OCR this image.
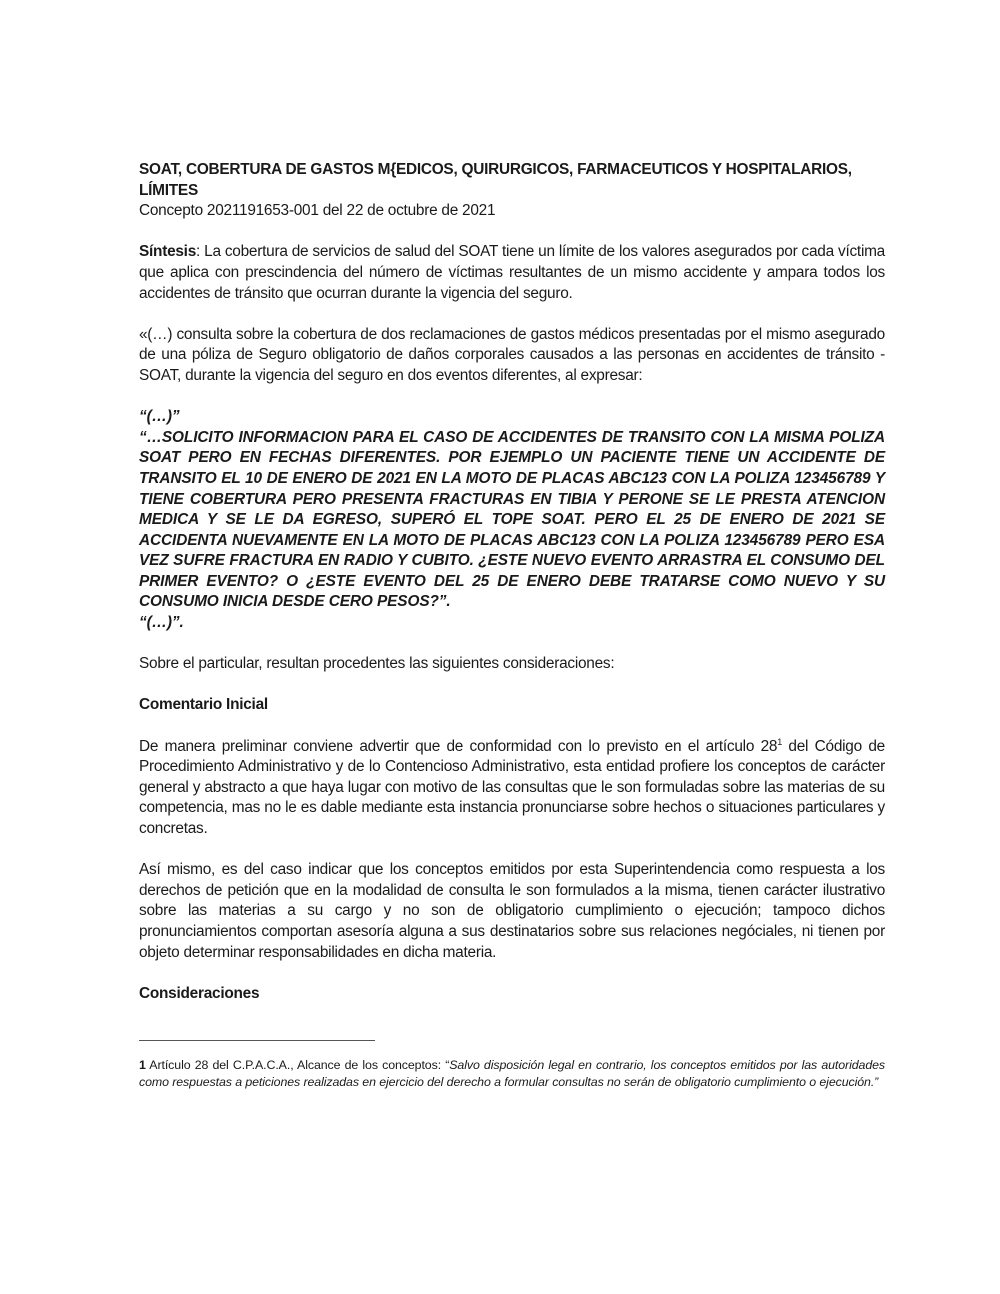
SOAT, COBERTURA DE GASTOS M{EDICOS, QUIRURGICOS, FARMACEUTICOS Y HOSPITALARIOS, LÍMITES

Concepto 2021191653-001 del 22 de octubre de 2021

Síntesis: La cobertura de servicios de salud del SOAT tiene un límite de los valores asegurados por cada víctima que aplica con prescindencia del número de víctimas resultantes de un mismo accidente y ampara todos los accidentes de tránsito que ocurran durante la vigencia del seguro.

«(…) consulta sobre la cobertura de dos reclamaciones de gastos médicos presentadas por el mismo asegurado de una póliza de Seguro obligatorio de daños corporales causados a las personas en accidentes de tránsito - SOAT, durante la vigencia del seguro en dos eventos diferentes, al expresar:

“(…)”

“…SOLICITO INFORMACION PARA EL CASO DE ACCIDENTES DE TRANSITO CON LA MISMA POLIZA SOAT PERO EN FECHAS DIFERENTES. POR EJEMPLO UN PACIENTE TIENE UN ACCIDENTE DE TRANSITO EL 10 DE ENERO DE 2021 EN LA MOTO DE PLACAS ABC123 CON LA POLIZA 123456789 Y TIENE COBERTURA PERO PRESENTA FRACTURAS EN TIBIA Y PERONE SE LE PRESTA ATENCION MEDICA Y SE LE DA EGRESO, SUPERÓ EL TOPE SOAT. PERO EL 25 DE ENERO DE 2021 SE ACCIDENTA NUEVAMENTE EN LA MOTO DE PLACAS ABC123 CON LA POLIZA 123456789 PERO ESA VEZ SUFRE FRACTURA EN RADIO Y CUBITO. ¿ESTE NUEVO EVENTO ARRASTRA EL CONSUMO DEL PRIMER EVENTO? O ¿ESTE EVENTO DEL 25 DE ENERO DEBE TRATARSE COMO NUEVO Y SU CONSUMO INICIA DESDE CERO PESOS?”.

“(…)”.

Sobre el particular, resultan procedentes las siguientes consideraciones:

Comentario Inicial

De manera preliminar conviene advertir que de conformidad con lo previsto en el artículo $28^1$ del Código de Procedimiento Administrativo y de lo Contencioso Administrativo, esta entidad profiere los conceptos de carácter general y abstracto a que haya lugar con motivo de las consultas que le son formuladas sobre las materias de su competencia, mas no le es dable mediante esta instancia pronunciarse sobre hechos o situaciones particulares y concretas.

Así mismo, es del caso indicar que los conceptos emitidos por esta Superintendencia como respuesta a los derechos de petición que en la modalidad de consulta le son formulados a la misma, tienen carácter ilustrativo sobre las materias a su cargo y no son de obligatorio cumplimiento o ejecución; tampoco dichos pronunciamientos comportan asesoría alguna a sus destinatarios sobre sus relaciones negóciales, ni tienen por objeto determinar responsabilidades en dicha materia.

Consideraciones

1 Artículo 28 del C.P.A.C.A., Alcance de los conceptos: “Salvo disposición legal en contrario, los conceptos emitidos por las autoridades como respuestas a peticiones realizadas en ejercicio del derecho a formular consultas no serán de obligatorio cumplimiento o ejecución.”
